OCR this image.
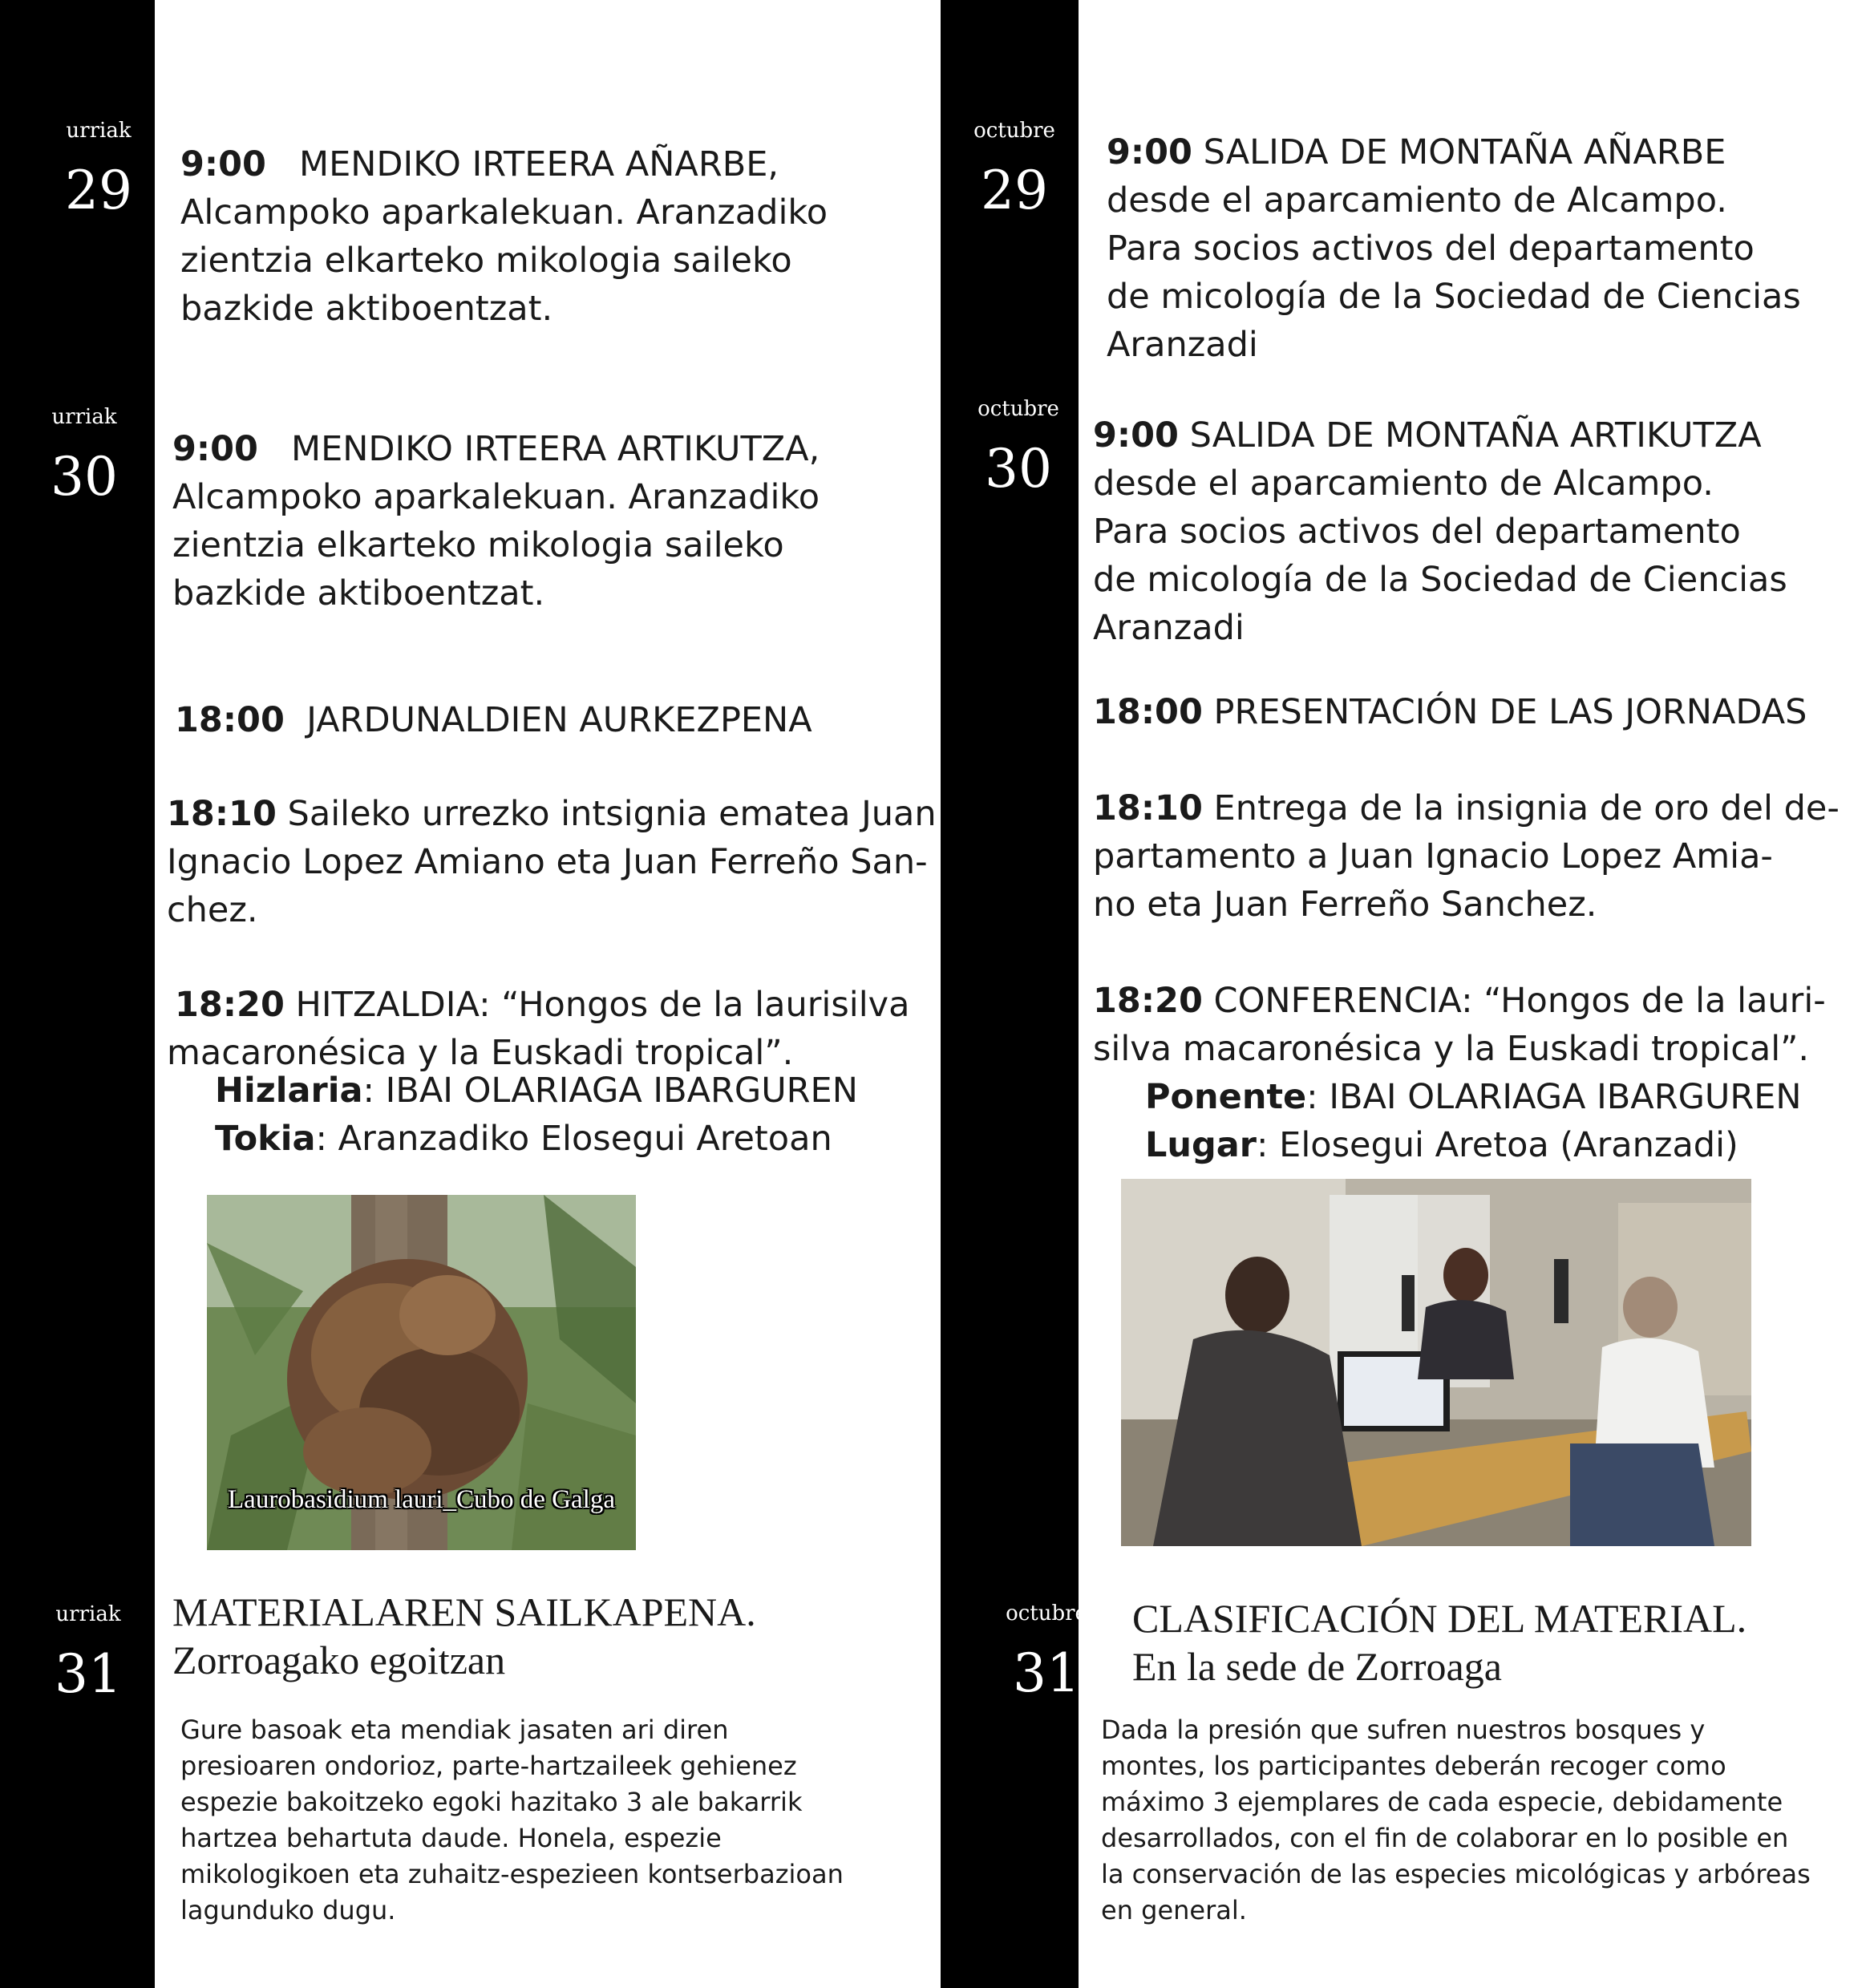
urriak
29	9:00 MENDIKO IRTEERA AÑARBE,
Alcampoko aparkalekuan. Aranzadiko
zientzia elkarteko mikologia saileko
bazkide aktiboentzat.
urriak
30	9:00 MENDIKO IRTEERA ARTIKUTZA,
Alcampoko aparkalekuan. Aranzadiko
zientzia elkarteko mikologia saileko
bazkide aktiboentzat.
18:00 JARDUNALDIEN AURKEZPENA
18:10 Saileko urrezko intsignia ematea Juan
Ignacio Lopez Amiano eta Juan Ferreño San-
chez.
18:20 HITZALDIA: “Hongos de la laurisilva
macaronésica y la Euskadi tropical”.
Hizlaria: IBAI OLARIAGA IBARGUREN
Tokia: Aranzadiko Elosegui Aretoan
Laurobasidium lauri_Cubo de Galga
urriak
31
MATERIALAREN SAILKAPENA.
Zorroagako egoitzan
Gure basoak eta mendiak jasaten ari diren
presioaren ondorioz, parte-hartzaileek gehienez
espezie bakoitzeko egoki hazitako 3 ale bakarrik
hartzea behartuta daude. Honela, espezie
mikologikoen eta zuhaitz-espezieen kontserbazioan
lagunduko dugu.
octubre
29
9:00 SALIDA DE MONTAÑA AÑARBE
desde el aparcamiento de Alcampo.
Para socios activos del departamento
de micología de la Sociedad de Ciencias
Aranzadi
octubre
30
9:00 SALIDA DE MONTAÑA ARTIKUTZA
desde el aparcamiento de Alcampo.
Para socios activos del departamento
de micología de la Sociedad de Ciencias
Aranzadi
18:00 PRESENTACIÓN DE LAS JORNADAS
18:10 Entrega de la insignia de oro del de-
partamento a Juan Ignacio Lopez Amia-
no eta Juan Ferreño Sanchez.
18:20 CONFERENCIA: “Hongos de la lauri-
silva macaronésica y la Euskadi tropical”.
Ponente: IBAI OLARIAGA IBARGUREN
Lugar: Elosegui Aretoa (Aranzadi)
octubre
31
CLASIFICACIÓN DEL MATERIAL.
En la sede de Zorroaga
Dada la presión que sufren nuestros bosques y
montes, los participantes deberán recoger como
máximo 3 ejemplares de cada especie, debidamente
desarrollados, con el fin de colaborar en lo posible en
la conservación de las especies micológicas y arbóreas
en general.
